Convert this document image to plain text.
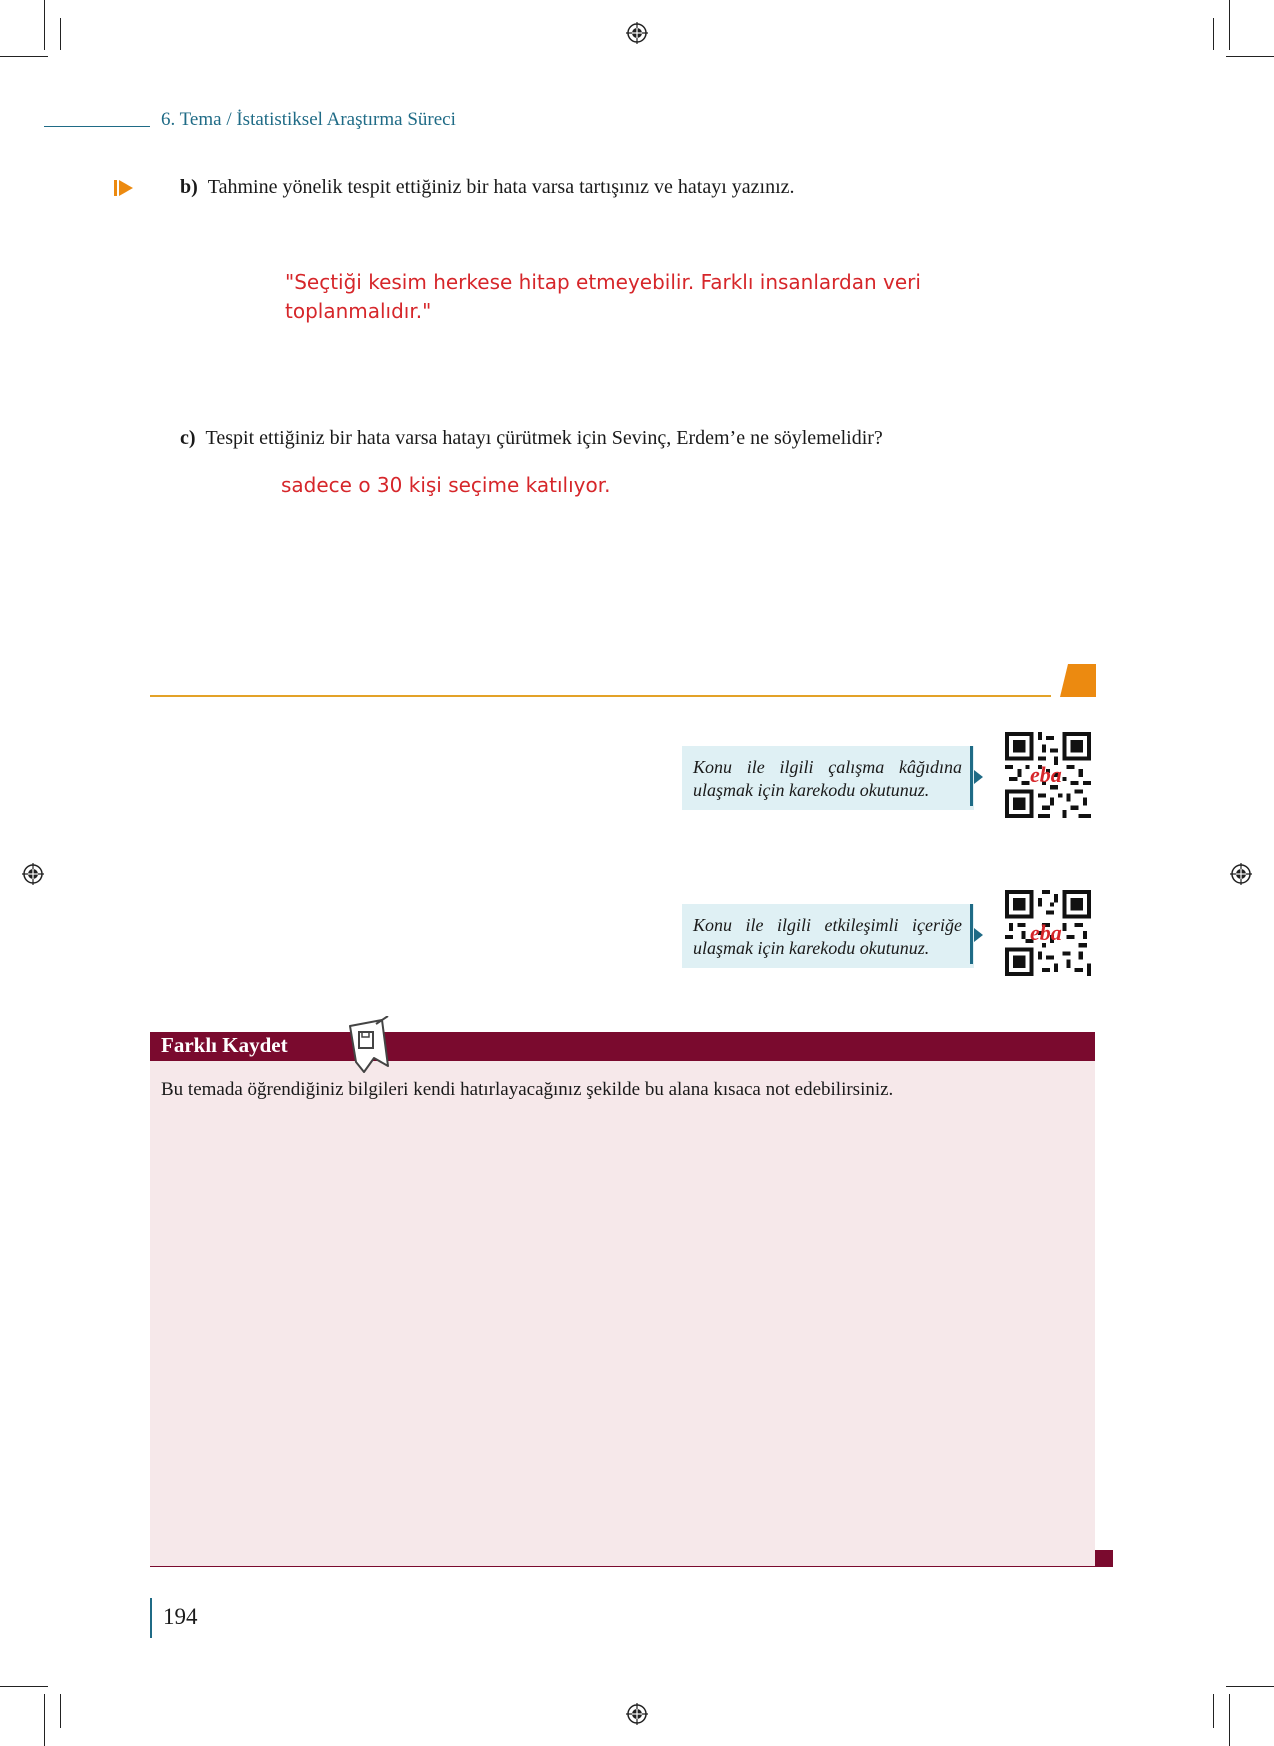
6. Tema / İstatistiksel Araştırma Süreci
b) Tahmine yönelik tespit ettiğiniz bir hata varsa tartışınız ve hatayı yazınız.
"Seçtiği kesim herkese hitap etmeyebilir. Farklı insanlardan veri
toplanmalıdır."
c) Tespit ettiğiniz bir hata varsa hatayı çürütmek için Sevinç, Erdem’e ne söylemelidir?
sadece o 30 kişi seçime katılıyor.
Konu ile ilgili çalışma kâğıdına
ulaşmak için karekodu okutunuz.
eba
Konu ile ilgili etkileşimli içeriğe
ulaşmak için karekodu okutunuz.
eba
Farklı Kaydet
Bu temada öğrendiğiniz bilgileri kendi hatırlayacağınız şekilde bu alana kısaca not edebilirsiniz.
194
